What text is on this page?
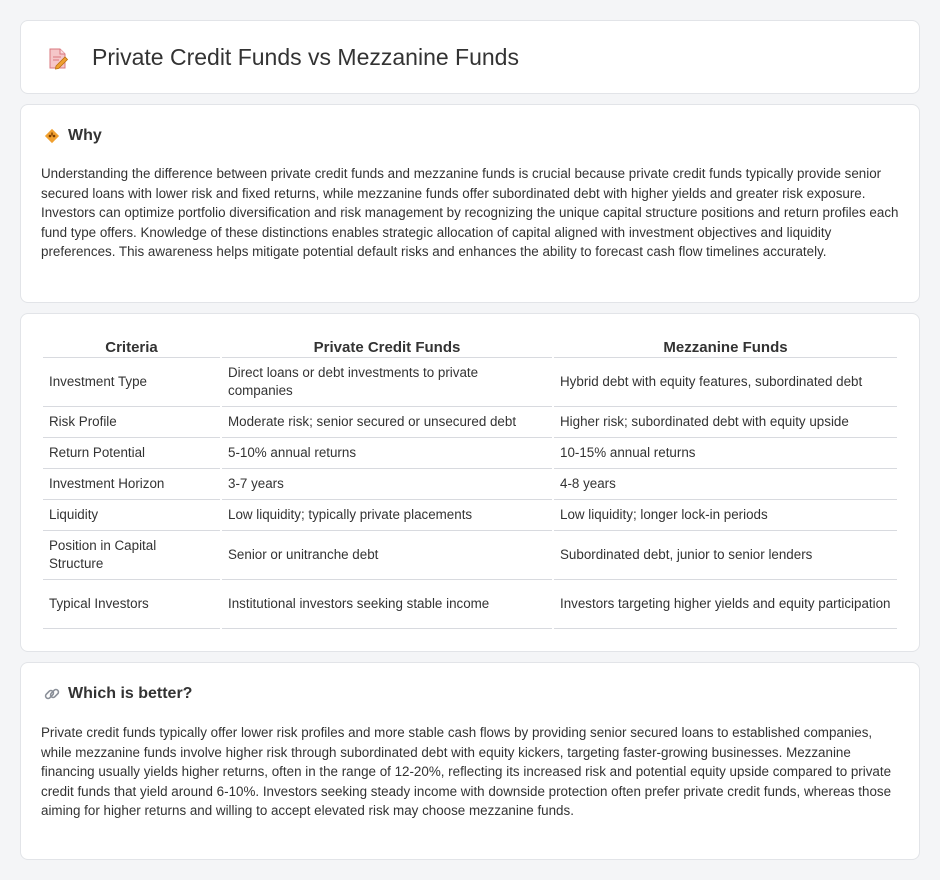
Private Credit Funds vs Mezzanine Funds
Why

Understanding the difference between private credit funds and mezzanine funds is crucial because private credit funds typically provide senior secured loans with lower risk and fixed returns, while mezzanine funds offer subordinated debt with higher yields and greater risk exposure. Investors can optimize portfolio diversification and risk management by recognizing the unique capital structure positions and return profiles each fund type offers. Knowledge of these distinctions enables strategic allocation of capital aligned with investment objectives and liquidity preferences. This awareness helps mitigate potential default risks and enhances the ability to forecast cash flow timelines accurately.

Criteria	Private Credit Funds	Mezzanine Funds
Investment Type	Direct loans or debt investments to private companies	Hybrid debt with equity features, subordinated debt
Risk Profile	Moderate risk; senior secured or unsecured debt	Higher risk; subordinated debt with equity upside
Return Potential	5-10% annual returns	10-15% annual returns
Investment Horizon	3-7 years	4-8 years
Liquidity	Low liquidity; typically private placements	Low liquidity; longer lock-in periods
Position in Capital Structure	Senior or unitranche debt	Subordinated debt, junior to senior lenders
Typical Investors	Institutional investors seeking stable income	Investors targeting higher yields and equity participation
Which is better?

Private credit funds typically offer lower risk profiles and more stable cash flows by providing senior secured loans to established companies, while mezzanine funds involve higher risk through subordinated debt with equity kickers, targeting faster-growing businesses. Mezzanine financing usually yields higher returns, often in the range of 12-20%, reflecting its increased risk and potential equity upside compared to private credit funds that yield around 6-10%. Investors seeking steady income with downside protection often prefer private credit funds, whereas those aiming for higher returns and willing to accept elevated risk may choose mezzanine funds.
